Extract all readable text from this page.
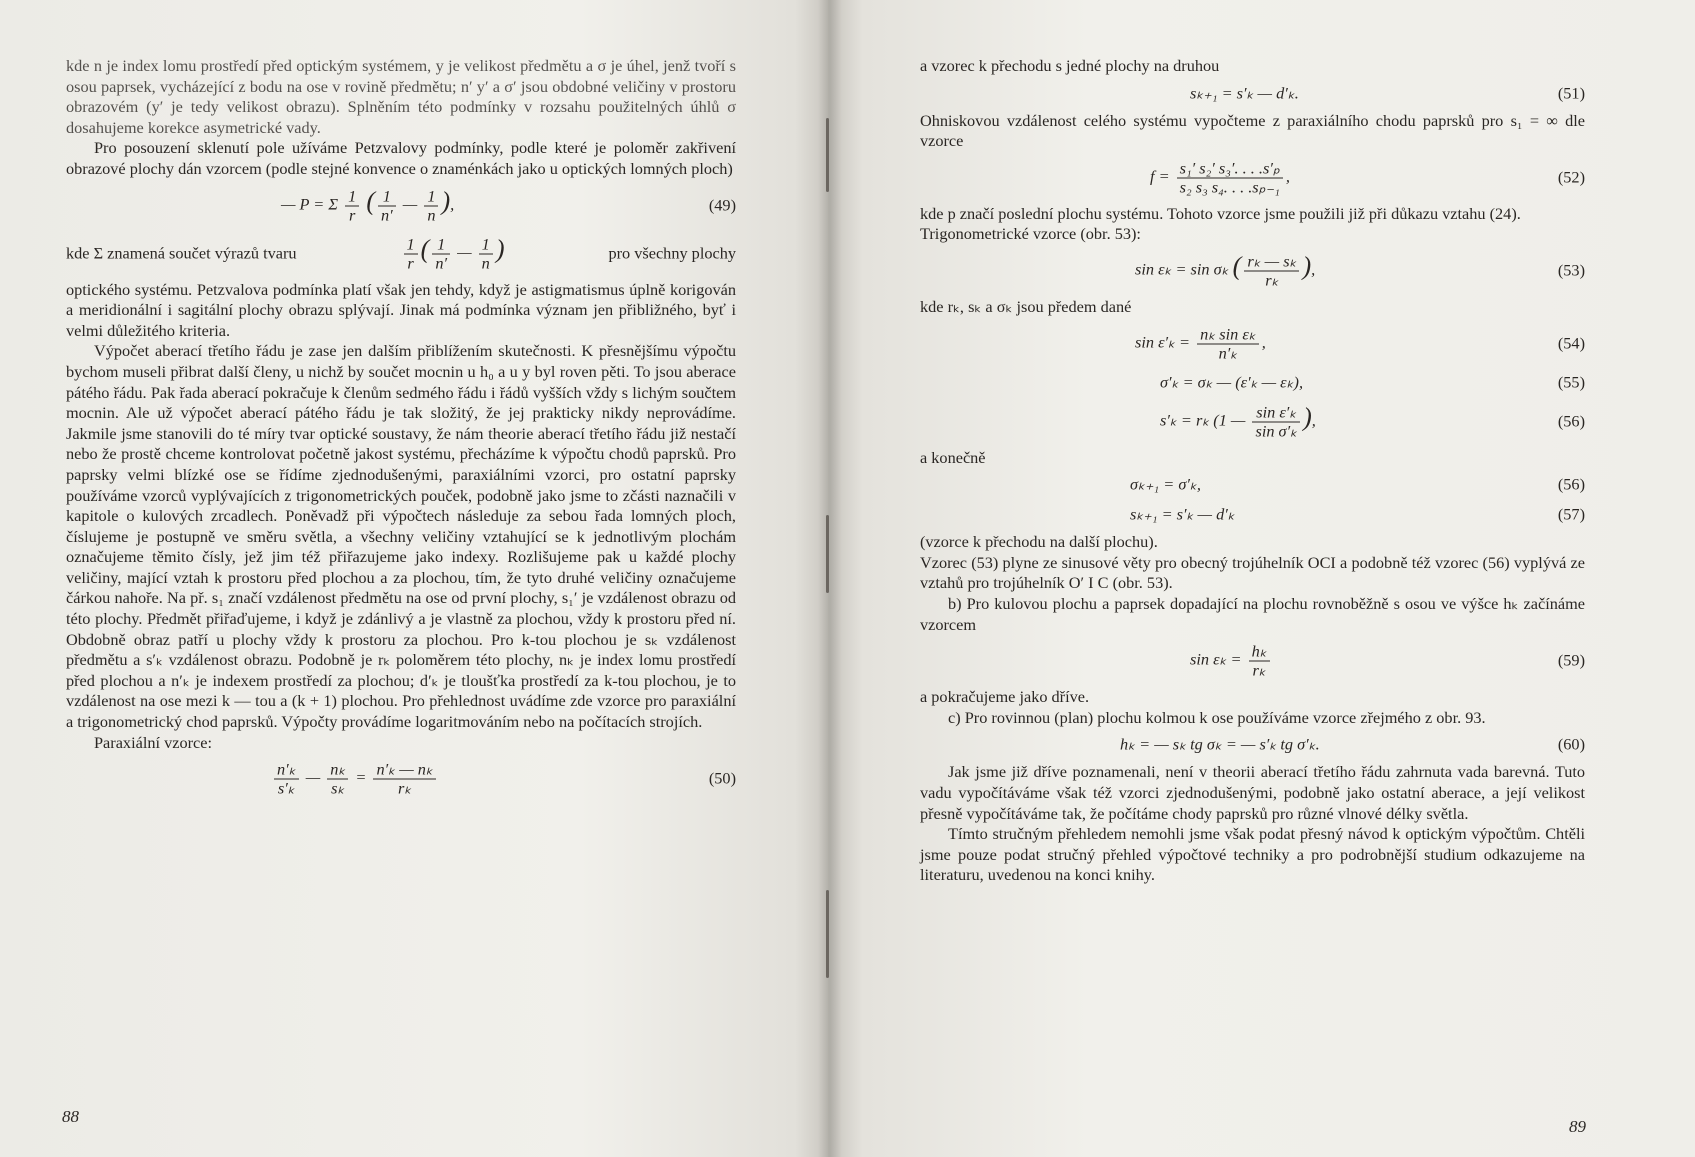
kde n je index lomu prostředí před optickým systémem, y je velikost předmětu a σ je úhel, jenž tvoří s osou paprsek, vycházející z bodu na ose v rovině předmětu; n′ y′ a σ′ jsou obdobné veličiny v prostoru obrazovém (y′ je tedy velikost obrazu). Splněním této podmínky v rozsahu použitelných úhlů σ dosahujeme korekce asymetrické vady.

Pro posouzení sklenutí pole užíváme Petzvalovy podmínky, podle které je poloměr zakřivení obrazové plochy dán vzorcem (podle stejné konvence o znaménkách jako u optických lomných ploch)

— P = Σ $\frac{1}{r}$ ( $\frac{1}{n'}$ — $\frac{1}{n}$ ),	(49)
kde Σ znamená součet výrazů tvaru	$\frac{1}{r}$ ( $\frac{1}{n'}$ — $\frac{1}{n}$ )	pro všechny plochy

optického systému. Petzvalova podmínka platí však jen tehdy, když je astigmatismus úplně korigován a meridionální i sagitální plochy obrazu splývají. Jinak má podmínka význam jen přibližného, byť i velmi důležitého kriteria.

Výpočet aberací třetího řádu je zase jen dalším přiblížením skutečnosti. K přesnějšímu výpočtu bychom museli přibrat další členy, u nichž by součet mocnin u h₀ a u y byl roven pěti. To jsou aberace pátého řádu. Pak řada aberací pokračuje k členům sedmého řádu i řádů vyšších vždy s lichým součtem mocnin. Ale už výpočet aberací pátého řádu je tak složitý, že jej prakticky nikdy neprovádíme. Jakmile jsme stanovili do té míry tvar optické soustavy, že nám theorie aberací třetího řádu již nestačí nebo že prostě chceme kontrolovat početně jakost systému, přecházíme k výpočtu chodů paprsků. Pro paprsky velmi blízké ose se řídíme zjednodušenými, paraxiálními vzorci, pro ostatní paprsky používáme vzorců vyplývajících z trigonometrických pouček, podobně jako jsme to zčásti naznačili v kapitole o kulových zrcadlech. Poněvadž při výpočtech následuje za sebou řada lomných ploch, číslujeme je postupně ve směru světla, a všechny veličiny vztahující se k jednotlivým plochám označujeme těmito čísly, jež jim též přiřazujeme jako indexy. Rozlišujeme pak u každé plochy veličiny, mající vztah k prostoru před plochou a za plochou, tím, že tyto druhé veličiny označujeme čárkou nahoře. Na př. s₁ značí vzdálenost předmětu na ose od první plochy, s₁′ je vzdálenost obrazu od této plochy. Předmět přiřaďujeme, i když je zdánlivý a je vlastně za plochou, vždy k prostoru před ní. Obdobně obraz patří u plochy vždy k prostoru za plochou. Pro k-tou plochou je sₖ vzdálenost předmětu a s′ₖ vzdálenost obrazu. Podobně je rₖ poloměrem této plochy, nₖ je index lomu prostředí před plochou a n′ₖ je indexem prostředí za plochou; d′ₖ je tloušťka prostředí za k-tou plochou, je to vzdálenost na ose mezi k — tou a (k + 1) plochou. Pro přehlednost uvádíme zde vzorce pro paraxiální a trigonometrický chod paprsků. Výpočty provádíme logaritmováním nebo na počítacích strojích.

Paraxiální vzorce:

$\frac{\text{n′ₖ}}{\text{s′ₖ}}$ — $\frac{\text{nₖ}}{\text{sₖ}} = \frac{\text{n′ₖ — nₖ}}{\text{rₖ}}$	(50)
88

a vzorec k přechodu s jedné plochy na druhou

sₖ₊₁ = s′ₖ — d′ₖ.	(51)

Ohniskovou vzdálenost celého systému vypočteme z paraxiálního chodu paprsků pro s₁ = ∞ dle vzorce

$f = \frac{\text{s₁′ s₂′ s₃′. . . .s′ₚ}}{\text{s₂ s₃ s₄. . . .sₚ₋₁}}$ ,	(52)

kde p značí poslední plochu systému. Tohoto vzorce jsme použili již při důkazu vztahu (24).

Trigonometrické vzorce (obr. 53):

sin εₖ = sin σₖ ( $\frac{\text{rₖ — sₖ}}{\text{rₖ}}$ ),	(53)

kde rₖ, sₖ a σₖ jsou předem dané

$\sin \varepsilon'_k = \frac{\text{nₖ sin εₖ}}{\text{n′ₖ}}$ ,	(54)
σ′ₖ = σₖ — (ε′ₖ — εₖ),	(55)
s′ₖ = rₖ (1 — $\frac{\text{sin ε′ₖ}}{\text{sin σ′ₖ}}$ ),	(56)

a konečně

σₖ₊₁ = σ′ₖ,	(56)
sₖ₊₁ = s′ₖ — d′ₖ	(57)

(vzorce k přechodu na další plochu).

Vzorec (53) plyne ze sinusové věty pro obecný trojúhelník OCI a podobně též vzorec (56) vyplývá ze vztahů pro trojúhelník O′ I C (obr. 53).

b) Pro kulovou plochu a paprsek dopadající na plochu rovnoběžně s osou ve výšce hₖ začínáme vzorcem

$\sin \varepsilon_k = \frac{\text{hₖ}}{\text{rₖ}}$	(59)

a pokračujeme jako dříve.

c) Pro rovinnou (plan) plochu kolmou k ose používáme vzorce zřejmého z obr. 93.

hₖ = — sₖ tg σₖ = — s′ₖ tg σ′ₖ.	(60)

Jak jsme již dříve poznamenali, není v theorii aberací třetího řádu zahrnuta vada barevná. Tuto vadu vypočítáváme však též vzorci zjednodušenými, podobně jako ostatní aberace, a její velikost přesně vypočítáváme tak, že počítáme chody paprsků pro různé vlnové délky světla.

Tímto stručným přehledem nemohli jsme však podat přesný návod k optickým výpočtům. Chtěli jsme pouze podat stručný přehled výpočtové techniky a pro podrobnější studium odkazujeme na literaturu, uvedenou na konci knihy.

89
